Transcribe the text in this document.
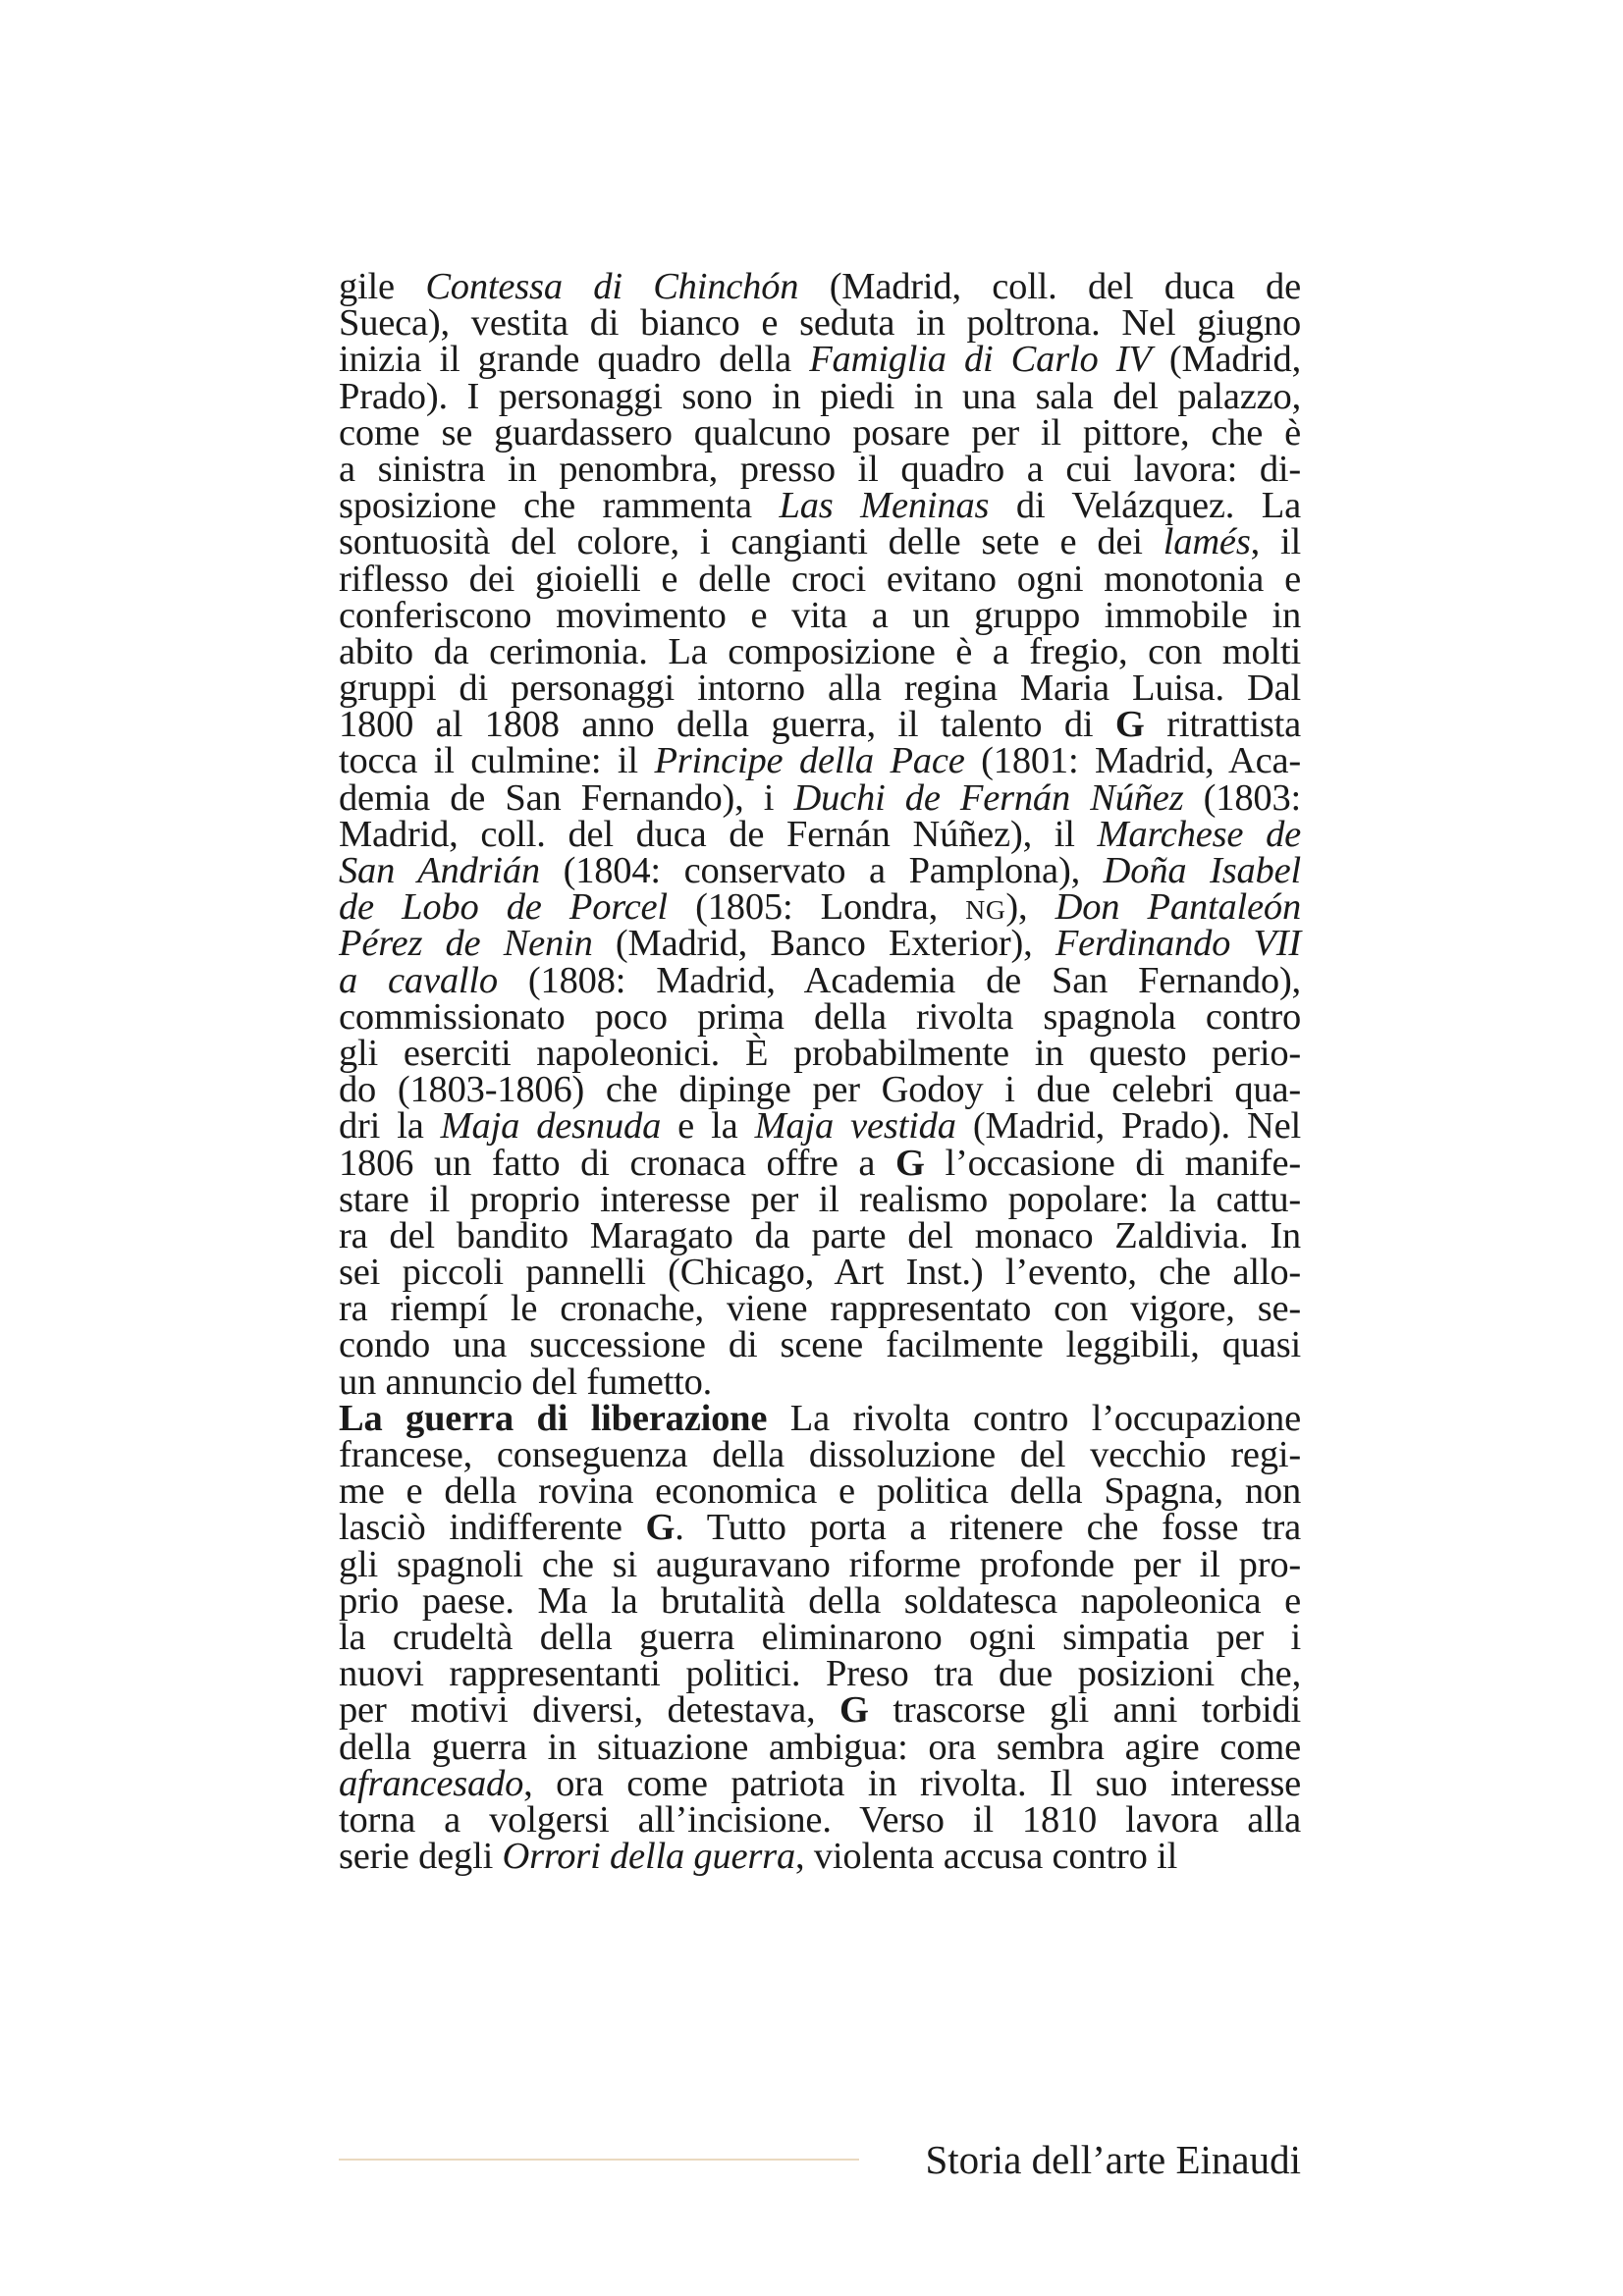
gile Contessa di Chinchón (Madrid, coll. del duca de
Sueca), vestita di bianco e seduta in poltrona. Nel giugno
inizia il grande quadro della Famiglia di Carlo IV (Madrid,
Prado). I personaggi sono in piedi in una sala del palazzo,
come se guardassero qualcuno posare per il pittore, che è
a sinistra in penombra, presso il quadro a cui lavora: di-
sposizione che rammenta Las Meninas di Velázquez. La
sontuosità del colore, i cangianti delle sete e dei lamés, il
riflesso dei gioielli e delle croci evitano ogni monotonia e
conferiscono movimento e vita a un gruppo immobile in
abito da cerimonia. La composizione è a fregio, con molti
gruppi di personaggi intorno alla regina Maria Luisa. Dal
1800 al 1808 anno della guerra, il talento di G ritrattista
tocca il culmine: il Principe della Pace (1801: Madrid, Aca-
demia de San Fernando), i Duchi de Fernán Núñez (1803:
Madrid, coll. del duca de Fernán Núñez), il Marchese de
San Andrián (1804: conservato a Pamplona), Doña Isabel
de Lobo de Porcel (1805: Londra, NG), Don Pantaleón
Pérez de Nenin (Madrid, Banco Exterior), Ferdinando VII
a cavallo (1808: Madrid, Academia de San Fernando),
commissionato poco prima della rivolta spagnola contro
gli eserciti napoleonici. È probabilmente in questo perio-
do (1803-1806) che dipinge per Godoy i due celebri qua-
dri la Maja desnuda e la Maja vestida (Madrid, Prado). Nel
1806 un fatto di cronaca offre a G l’occasione di manife-
stare il proprio interesse per il realismo popolare: la cattu-
ra del bandito Maragato da parte del monaco Zaldivia. In
sei piccoli pannelli (Chicago, Art Inst.) l’evento, che allo-
ra riempí le cronache, viene rappresentato con vigore, se-
condo una successione di scene facilmente leggibili, quasi
un annuncio del fumetto.
La guerra di liberazione La rivolta contro l’occupazione
francese, conseguenza della dissoluzione del vecchio regi-
me e della rovina economica e politica della Spagna, non
lasciò indifferente G. Tutto porta a ritenere che fosse tra
gli spagnoli che si auguravano riforme profonde per il pro-
prio paese. Ma la brutalità della soldatesca napoleonica e
la crudeltà della guerra eliminarono ogni simpatia per i
nuovi rappresentanti politici. Preso tra due posizioni che,
per motivi diversi, detestava, G trascorse gli anni torbidi
della guerra in situazione ambigua: ora sembra agire come
afrancesado, ora come patriota in rivolta. Il suo interesse
torna a volgersi all’incisione. Verso il 1810 lavora alla
serie degli Orrori della guerra, violenta accusa contro il
Storia dell’arte Einaudi
